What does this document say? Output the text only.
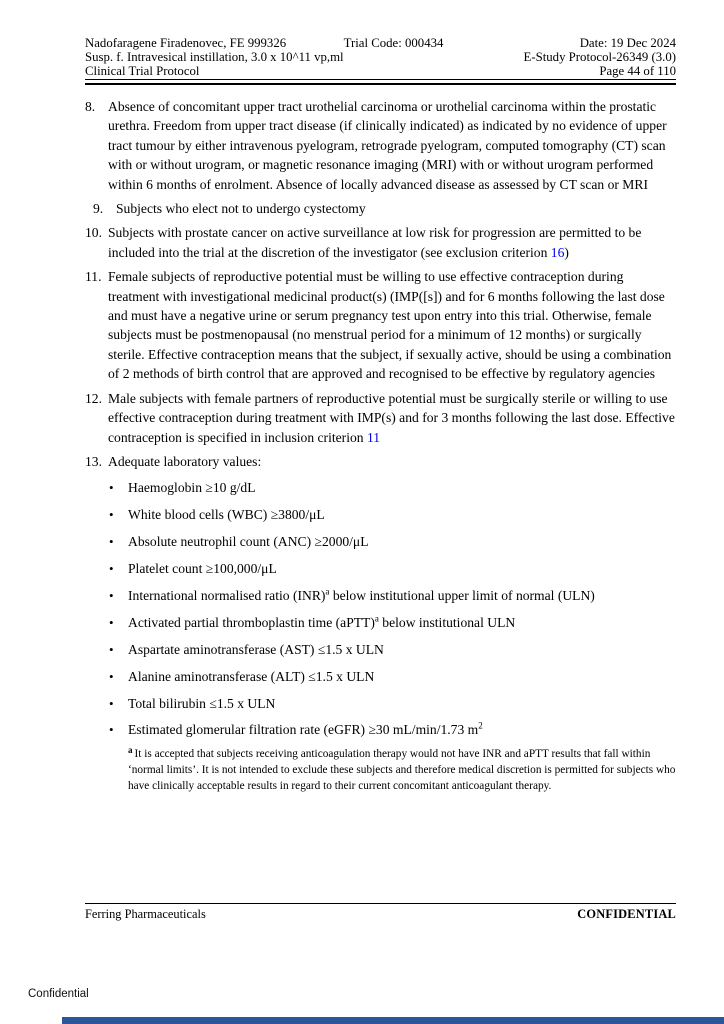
Nadofaragene Firadenovec, FE 999326
Susp. f. Intravesical instillation, 3.0 x 10^11 vp,ml
Clinical Trial Protocol
Trial Code: 000434	Date: 19 Dec 2024
E-Study Protocol-26349 (3.0)
Page 44 of 110
8. Absence of concomitant upper tract urothelial carcinoma or urothelial carcinoma within the prostatic urethra. Freedom from upper tract disease (if clinically indicated) as indicated by no evidence of upper tract tumour by either intravenous pyelogram, retrograde pyelogram, computed tomography (CT) scan with or without urogram, or magnetic resonance imaging (MRI) with or without urogram performed within 6 months of enrolment. Absence of locally advanced disease as assessed by CT scan or MRI
9. Subjects who elect not to undergo cystectomy
10. Subjects with prostate cancer on active surveillance at low risk for progression are permitted to be included into the trial at the discretion of the investigator (see exclusion criterion 16)
11. Female subjects of reproductive potential must be willing to use effective contraception during treatment with investigational medicinal product(s) (IMP([s]) and for 6 months following the last dose and must have a negative urine or serum pregnancy test upon entry into this trial. Otherwise, female subjects must be postmenopausal (no menstrual period for a minimum of 12 months) or surgically sterile. Effective contraception means that the subject, if sexually active, should be using a combination of 2 methods of birth control that are approved and recognised to be effective by regulatory agencies
12. Male subjects with female partners of reproductive potential must be surgically sterile or willing to use effective contraception during treatment with IMP(s) and for 3 months following the last dose. Effective contraception is specified in inclusion criterion 11
13. Adequate laboratory values:
•
Haemoglobin ≥10 g/dL
•
White blood cells (WBC) ≥3800/μL
•
Absolute neutrophil count (ANC) ≥2000/μL
•
Platelet count ≥100,000/μL
•
International normalised ratio (INR)$^a$ below institutional upper limit of normal (ULN)
•
Activated partial thromboplastin time (aPTT)$^a$ below institutional ULN
•
Aspartate aminotransferase (AST) ≤1.5 x ULN
•
Alanine aminotransferase (ALT) ≤1.5 x ULN
•
Total bilirubin ≤1.5 x ULN
•
Estimated glomerular filtration rate (eGFR) ≥30 mL/min/1.73 $m^2$
$^a$ It is accepted that subjects receiving anticoagulation therapy would not have INR and aPTT results that fall within ‘normal limits’. It is not intended to exclude these subjects and therefore medical discretion is permitted for subjects who have clinically acceptable results in regard to their current concomitant anticoagulant therapy.
Ferring Pharmaceuticals	CONFIDENTIAL
Confidential
